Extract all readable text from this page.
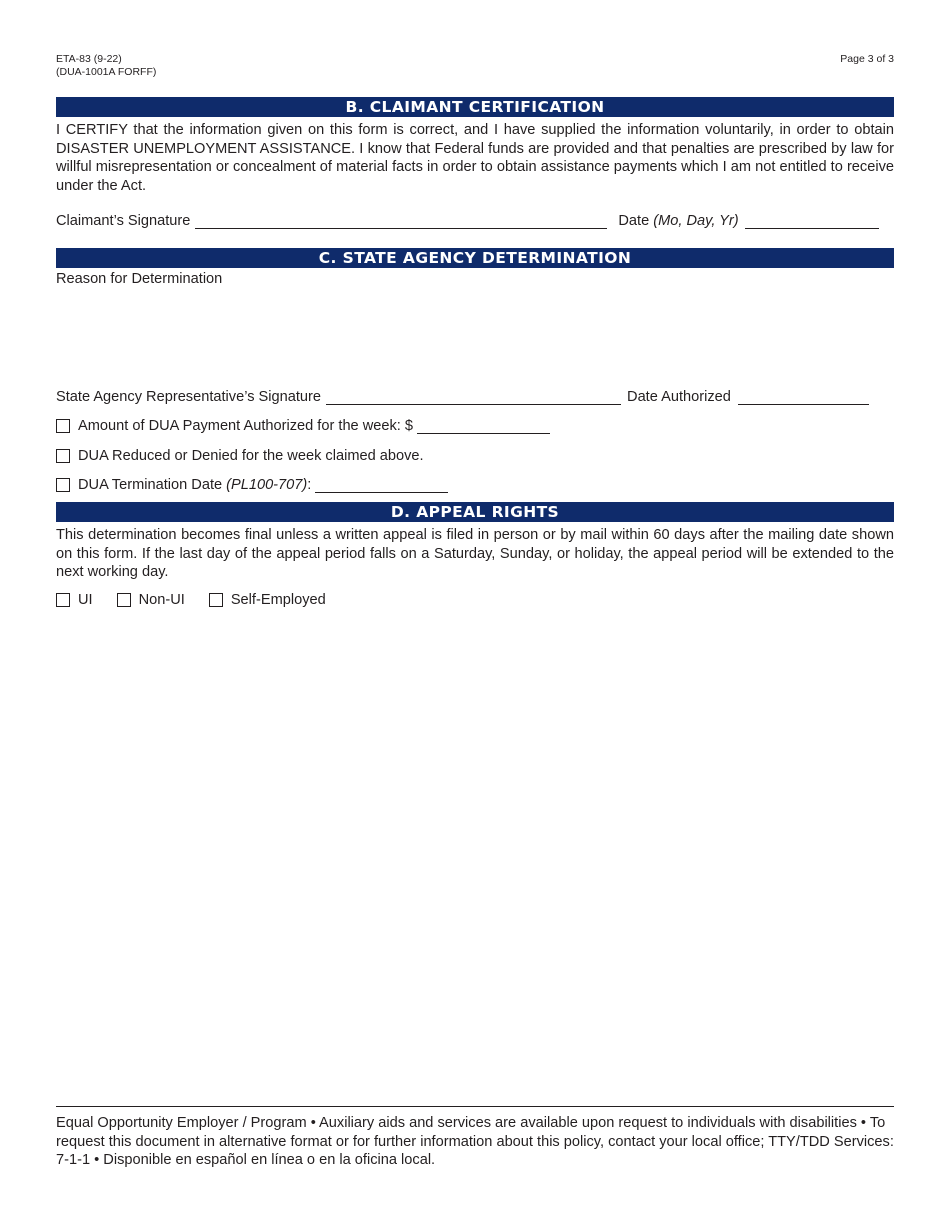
ETA-83 (9-22)
(DUA-1001A FORFF)
Page 3 of 3
B. CLAIMANT CERTIFICATION
I CERTIFY that the information given on this form is correct, and I have supplied the information voluntarily, in order to obtain DISASTER UNEMPLOYMENT ASSISTANCE. I know that Federal funds are provided and that penalties are prescribed by law for willful misrepresentation or concealment of material facts in order to obtain assistance payments which I am not entitled to receive under the Act.
Claimant’s Signature	Date (Mo, Day, Yr)
C. STATE AGENCY DETERMINATION
Reason for Determination
State Agency Representative’s Signature	Date Authorized
Amount of DUA Payment Authorized for the week: $
DUA Reduced or Denied for the week claimed above.
DUA Termination Date (PL100-707) :
D. APPEAL RIGHTS
This determination becomes final unless a written appeal is filed in person or by mail within 60 days after the mailing date shown on this form. If the last day of the appeal period falls on a Saturday, Sunday, or holiday, the appeal period will be extended to the next working day.
UI	Non-UI	Self-Employed
Equal Opportunity Employer / Program • Auxiliary aids and services are available upon request to individuals with disabilities • To request this document in alternative format or for further information about this policy, contact your local office; TTY/TDD Services: 7-1-1 • Disponible en español en línea o en la oficina local.
